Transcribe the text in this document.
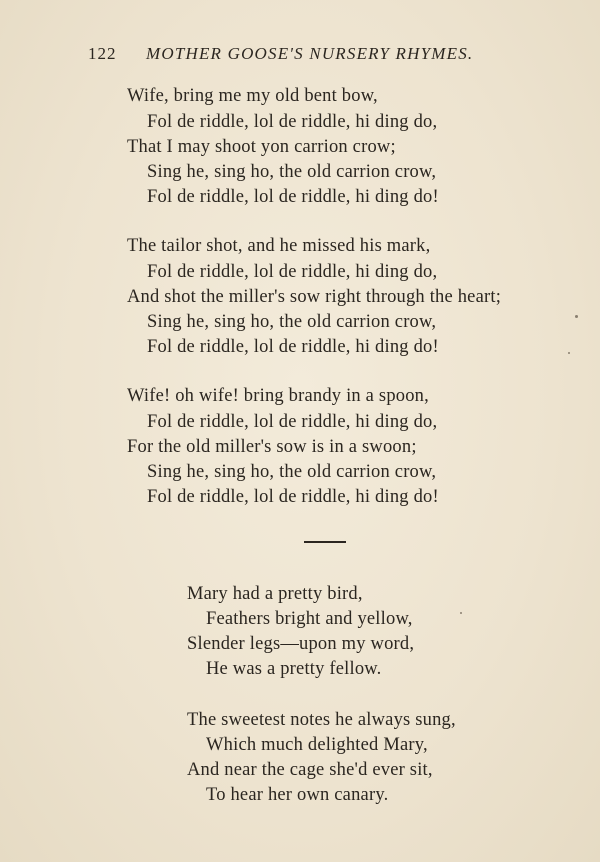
122 MOTHER GOOSE'S NURSERY RHYMES.
Wife, bring me my old bent bow,
Fol de riddle, lol de riddle, hi ding do,
That I may shoot yon carrion crow;
Sing he, sing ho, the old carrion crow,
Fol de riddle, lol de riddle, hi ding do!
The tailor shot, and he missed his mark,
Fol de riddle, lol de riddle, hi ding do,
And shot the miller's sow right through the heart;
Sing he, sing ho, the old carrion crow,
Fol de riddle, lol de riddle, hi ding do!
Wife! oh wife! bring brandy in a spoon,
Fol de riddle, lol de riddle, hi ding do,
For the old miller's sow is in a swoon;
Sing he, sing ho, the old carrion crow,
Fol de riddle, lol de riddle, hi ding do!
Mary had a pretty bird,
Feathers bright and yellow,
Slender legs—upon my word,
He was a pretty fellow.
The sweetest notes he always sung,
Which much delighted Mary,
And near the cage she'd ever sit,
To hear her own canary.
